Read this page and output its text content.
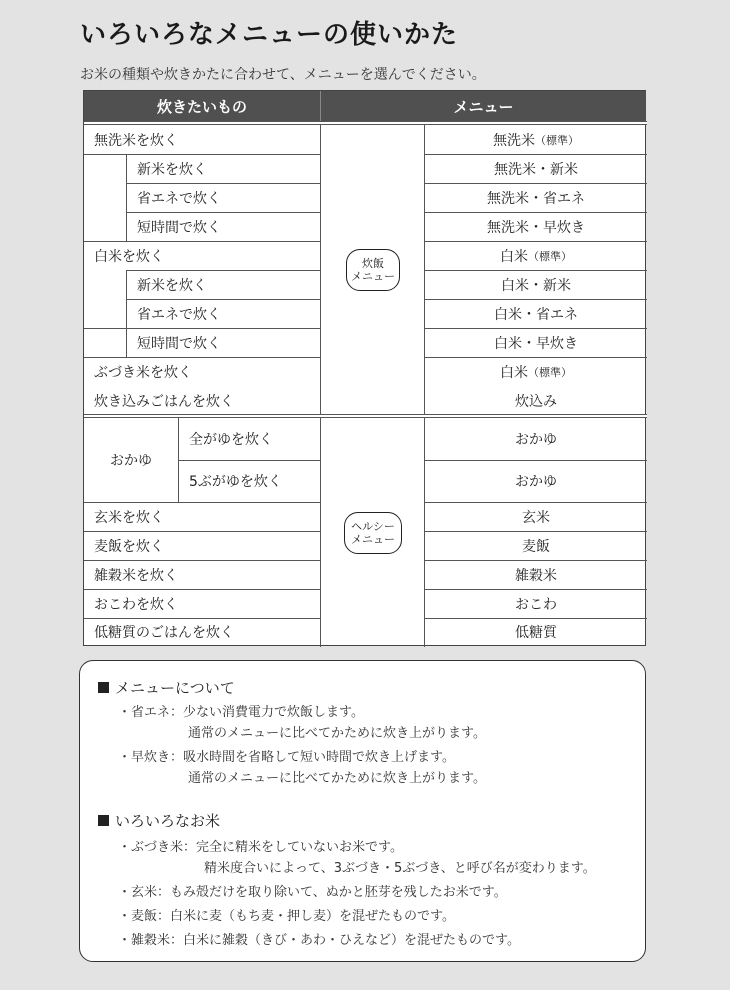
いろいろなメニューの使いかた
お米の種類や炊きかたに合わせて、メニューを選んでください。
炊きたいもの	メニュー
無洗米を炊く
新米を炊く
省エネで炊く
短時間で炊く
白米を炊く
新米を炊く
省エネで炊く
短時間で炊く
ぶづき米を炊く
炊き込みごはんを炊く
無洗米 （標準）
無洗米・新米
無洗米・省エネ
無洗米・早炊き
白米 （標準）
白米・新米
白米・省エネ
白米・早炊き
白米 （標準）
炊込み
炊飯
メニュー
おかゆ
全がゆを炊く
5ぶがゆを炊く
玄米を炊く
麦飯を炊く
雑穀米を炊く
おこわを炊く
低糖質のごはんを炊く
おかゆ
おかゆ
玄米
麦飯
雑穀米
おこわ
低糖質
ヘルシー
メニュー
メニューについて
・省エネ：少ない消費電力で炊飯します。
通常のメニューに比べてかために炊き上がります。
・早炊き：吸水時間を省略して短い時間で炊き上げます。
通常のメニューに比べてかために炊き上がります。
いろいろなお米
・ぶづき米：完全に精米をしていないお米です。
精米度合いによって、3ぶづき・5ぶづき、と呼び名が変わります。
・玄米：もみ殻だけを取り除いて、ぬかと胚芽を残したお米です。
・麦飯：白米に麦（もち麦・押し麦）を混ぜたものです。
・雑穀米：白米に雑穀（きび・あわ・ひえなど）を混ぜたものです。
